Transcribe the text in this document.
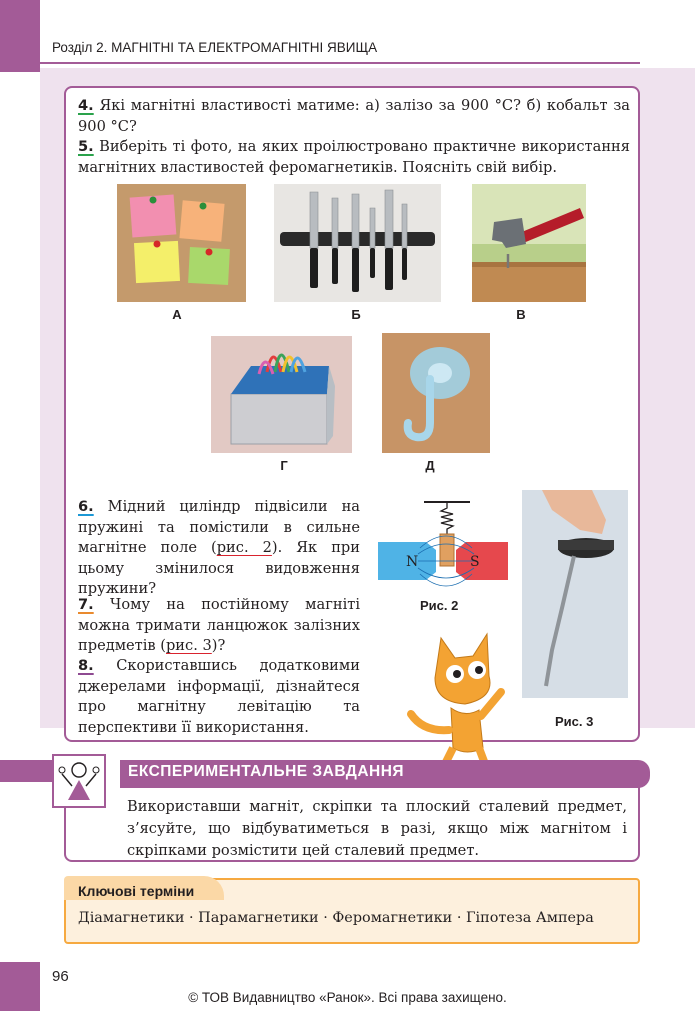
Розділ 2. МАГНІТНІ ТА ЕЛЕКТРОМАГНІТНІ ЯВИЩА
4. Які магнітні властивості матиме: а) залізо за 900 °С? б) кобальт за 900 °С?
5. Виберіть ті фото, на яких проілюстровано практичне використання магнітних властивостей феромагнетиків. Поясніть свій вибір.
А	Б	В
Г	Д
6. Мідний циліндр підвісили на пружині та помістили в сильне магнітне поле (рис. 2). Як при цьому змінилося видовження пружини?
7. Чому на постійному магніті можна тримати ланцюжок залізних предметів (рис. 3)?
8. Скориставшись додатковими джерелами інформації, дізнайтеся про магнітну левітацію та перспективи її використання.
N	S
Рис. 2
Рис. 3
ЕКСПЕРИМЕНТАЛЬНЕ ЗАВДАННЯ
Використавши магніт, скріпки та плоский сталевий предмет, з’ясуйте, що відбуватиметься в разі, якщо між магнітом і скріпками розмістити цей сталевий предмет.
Ключові терміни
Діамагнетики · Парамагнетики · Феромагнетики · Гіпотеза Ампера
96
© ТОВ Видавництво «Ранок». Всі права захищено.
